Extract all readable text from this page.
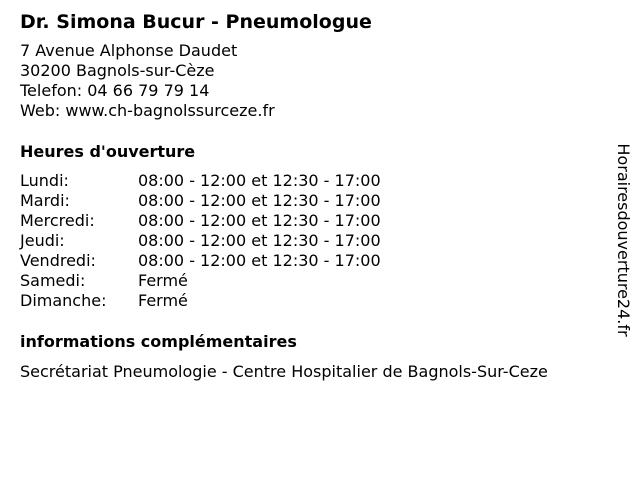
Dr. Simona Bucur - Pneumologue
7 Avenue Alphonse Daudet
30200 Bagnols-sur-Cèze
Telefon: 04 66 79 79 14
Web: www.ch-bagnolssurceze.fr
Heures d'ouverture
Lundi:	08:00 - 12:00 et 12:30 - 17:00
Mardi:	08:00 - 12:00 et 12:30 - 17:00
Mercredi:	08:00 - 12:00 et 12:30 - 17:00
Jeudi:	08:00 - 12:00 et 12:30 - 17:00
Vendredi:	08:00 - 12:00 et 12:30 - 17:00
Samedi:	Fermé
Dimanche:	Fermé
informations complémentaires
Secrétariat Pneumologie - Centre Hospitalier de Bagnols-Sur-Ceze
Horairesdouverture24.fr
